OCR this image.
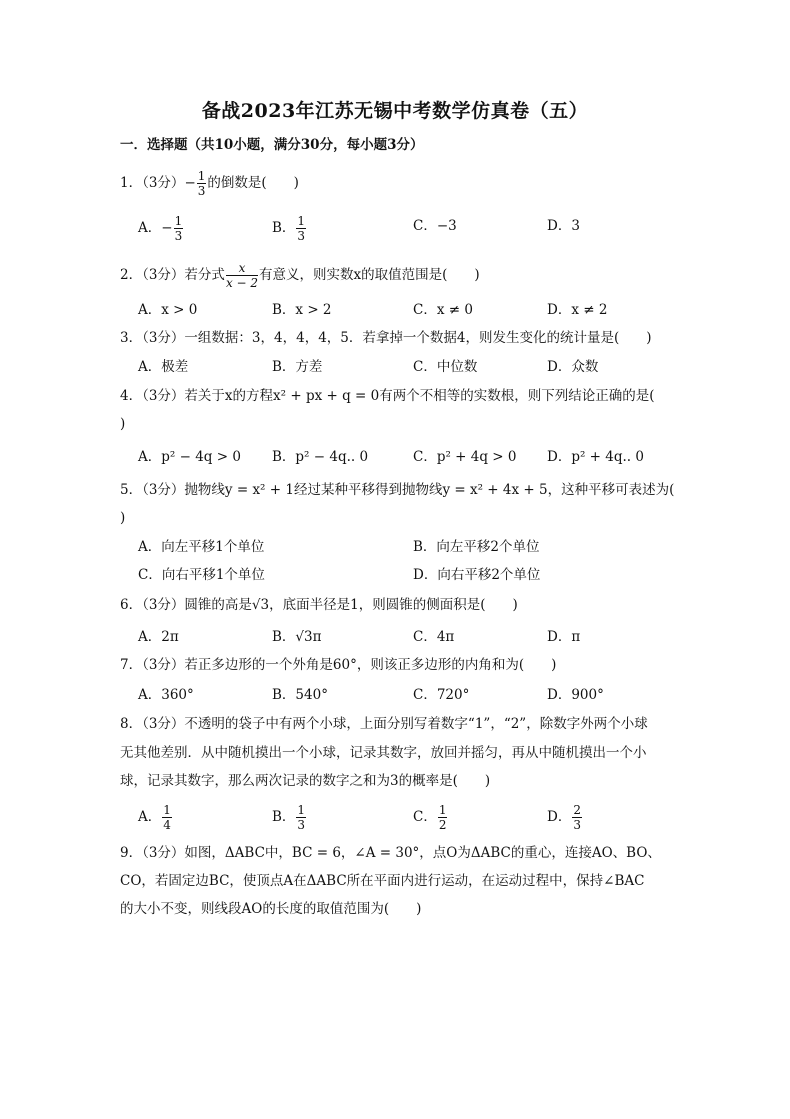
备战2023年江苏无锡中考数学仿真卷（五）
一．选择题（共10小题，满分30分，每小题3分）
1．（3分）− $\frac{1}{3}$ 的倒数是(　　)
A．− $\frac{1}{3}$	B． $\frac{1}{3}$	C．−3	D．3
2．（3分）若分式 $\frac{x}{x - 2}$ 有意义，则实数x的取值范围是(　　)
A．x > 0	B．x > 2	C．x ≠ 0	D．x ≠ 2
3．（3分）一组数据：3，4，4，4，5．若拿掉一个数据4，则发生变化的统计量是(　　)
A．极差	B．方差	C．中位数	D．众数
4．（3分）若关于x的方程x² + px + q = 0有两个不相等的实数根，则下列结论正确的是(
)
A．p² − 4q > 0 B．p² − 4q.. 0	C．p² + 4q > 0 D．p² + 4q.. 0
5．（3分）抛物线y = x² + 1经过某种平移得到抛物线y = x² + 4x + 5，这种平移可表述为(
)
A．向左平移1个单位	B．向左平移2个单位
C．向右平移1个单位	D．向右平移2个单位
6．（3分）圆锥的高是√3，底面半径是1，则圆锥的侧面积是(　　)
A．2π	B．√3π	C．4π	D．π
7．（3分）若正多边形的一个外角是60°，则该正多边形的内角和为(　　)
A．360°	B．540°	C．720°	D．900°
8．（3分）不透明的袋子中有两个小球，上面分别写着数字“1”，“2”，除数字外两个小球
无其他差别．从中随机摸出一个小球，记录其数字，放回并摇匀，再从中随机摸出一个小
球，记录其数字，那么两次记录的数字之和为3的概率是(　　)
A． $\frac{1}{4}$	B． $\frac{1}{3}$	C． $\frac{1}{2}$	D． $\frac{2}{3}$
9．（3分）如图，ΔABC中，BC = 6，∠A = 30°，点O为ΔABC的重心，连接AO、BO、
CO，若固定边BC，使顶点A在ΔABC所在平面内进行运动，在运动过程中，保持∠BAC
的大小不变，则线段AO的长度的取值范围为(　　)
